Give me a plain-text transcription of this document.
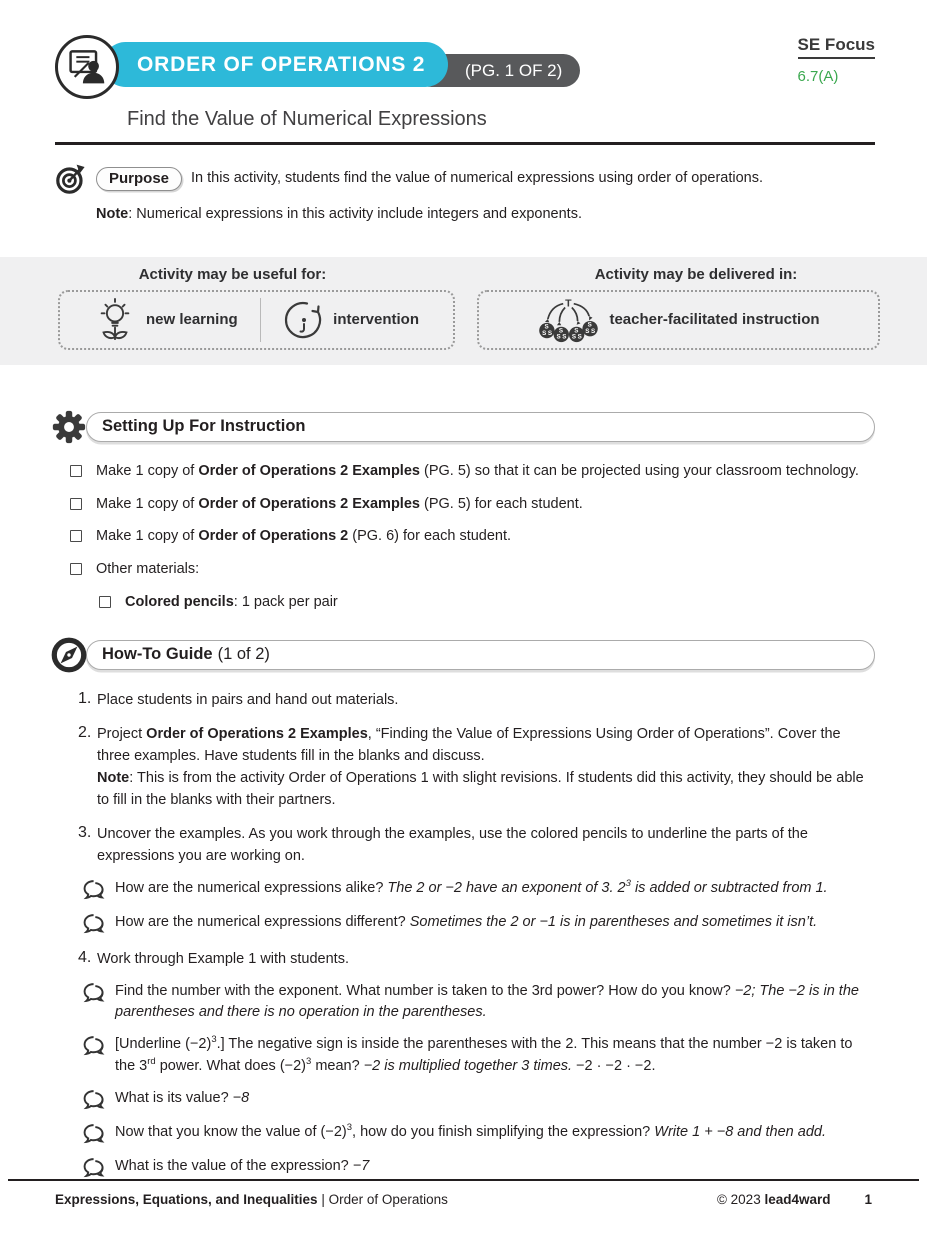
ORDER OF OPERATIONS 2 (PG. 1 OF 2)
SE Focus
6.7(A)
Find the Value of Numerical Expressions
Purpose	In this activity, students find the value of numerical expressions using order of operations.
Note: Numerical expressions in this activity include integers and exponents.
Activity may be useful for:
new learning	intervention
Activity may be delivered in:
T
S
S S S
S S
S
S S
S
S S
teacher-facilitated instruction
Setting Up For Instruction
Make 1 copy of Order of Operations 2 Examples (PG. 5) so that it can be projected using your classroom technology.
Make 1 copy of Order of Operations 2 Examples (PG. 5) for each student.
Make 1 copy of Order of Operations 2 (PG. 6) for each student.
Other materials:
Colored pencils: 1 pack per pair
How-To Guide (1 of 2)
1. Place students in pairs and hand out materials.
2. Project Order of Operations 2 Examples, “Finding the Value of Expressions Using Order of Operations”. Cover the three examples. Have students fill in the blanks and discuss.
Note: This is from the activity Order of Operations 1 with slight revisions. If students did this activity, they should be able to fill in the blanks with their partners.
3. Uncover the examples. As you work through the examples, use the colored pencils to underline the parts of the expressions you are working on.
How are the numerical expressions alike? The 2 or −2 have an exponent of 3. $2^3$ is added or subtracted from 1.
How are the numerical expressions different? Sometimes the 2 or −1 is in parentheses and sometimes it isn’t.
4. Work through Example 1 with students.
Find the number with the exponent. What number is taken to the 3rd power? How do you know? −2; The −2 is in the parentheses and there is no operation in the parentheses.
[Underline $(-2)^3$.] The negative sign is inside the parentheses with the 2. This means that the number −2 is taken to the 3rd power. What does $(-2)^3$ mean? −2 is multiplied together 3 times. −2 · −2 · −2.
What is its value? −8
Now that you know the value of $(-2)^3$, how do you finish simplifying the expression? Write 1 + −8 and then add.
What is the value of the expression? −7
Expressions, Equations, and Inequalities | Order of Operations	© 2023 lead4ward	1
